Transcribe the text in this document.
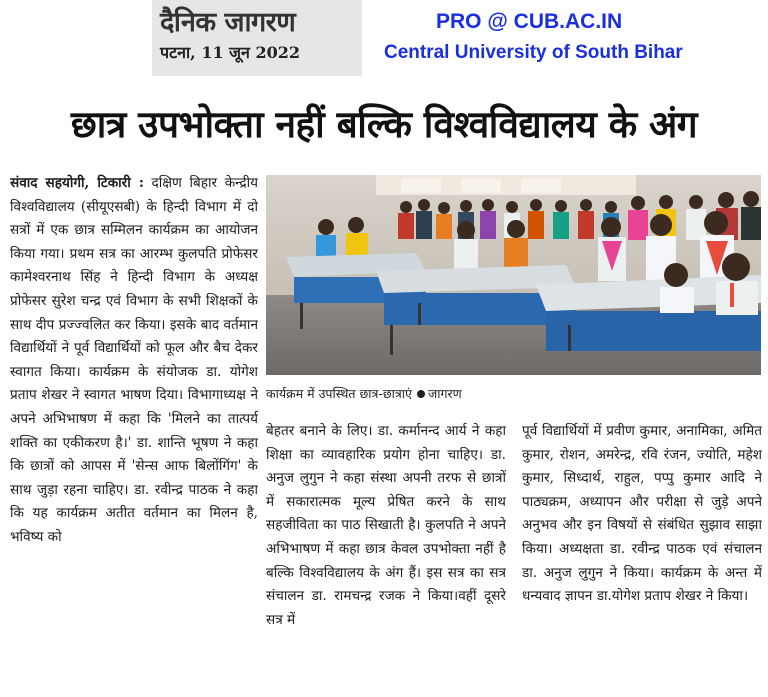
दैनिक जागरण
पटना, 11 जून 2022
PRO @ CUB.AC.IN
Central University of South Bihar
छात्र उपभोक्ता नहीं बल्कि विश्वविद्यालय के अंग
संवाद सहयोगी, टिकारी : दक्षिण बिहार केन्द्रीय विश्वविद्यालय (सीयूएसबी) के हिन्दी विभाग में दो सत्रों में एक छात्र सम्मिलन कार्यक्रम का आयोजन किया गया। प्रथम सत्र का आरम्भ कुलपति प्रोफेसर कामेश्वरनाथ सिंह ने हिन्दी विभाग के अध्यक्ष प्रोफेसर सुरेश चन्द्र एवं विभाग के सभी शिक्षकों के साथ दीप प्रज्ज्वलित कर किया। इसके बाद वर्तमान विद्यार्थियों ने पूर्व विद्यार्थियों को फूल और बैच देकर स्वागत किया। कार्यक्रम के संयोजक डा. योगेश प्रताप शेखर ने स्वागत भाषण दिया। विभागाध्यक्ष ने अपने अभिभाषण में कहा कि 'मिलने का तात्पर्य शक्ति का एकीकरण है।' डा. शान्ति भूषण ने कहा कि छात्रों को आपस में 'सेन्स आफ बिलोंगिंग' के साथ जुड़ा रहना चाहिए। डा. रवीन्द्र पाठक ने कहा कि यह कार्यक्रम अतीत वर्तमान का मिलन है, भविष्य को
कार्यक्रम में उपस्थित छात्र-छात्राएं जागरण
बेहतर बनाने के लिए। डा. कर्मानन्द आर्य ने कहा शिक्षा का व्यावहारिक प्रयोग होना चाहिए। डा. अनुज लुगुन ने कहा संस्था अपनी तरफ से छात्रों में सकारात्मक मूल्य प्रेषित करने के साथ सहजीविता का पाठ सिखाती है। कुलपति ने अपने अभिभाषण में कहा छात्र केवल उपभोक्ता नहीं है बल्कि विश्वविद्यालय के अंग हैं। इस सत्र का सत्र संचालन डा. रामचन्द्र रजक ने किया।वहीं दूसरे सत्र में
पूर्व विद्यार्थियों में प्रवीण कुमार, अनामिका, अमित कुमार, रोशन, अमरेन्द्र, रवि रंजन, ज्योति, महेश कुमार, सिध्दार्थ, राहुल, पप्पु कुमार आदि ने पाठ्यक्रम, अध्यापन और परीक्षा से जुड़े अपने अनुभव और इन विषयों से संबंधित सुझाव साझा किया। अध्यक्षता डा. रवीन्द्र पाठक एवं संचालन डा. अनुज लुगुन ने किया। कार्यक्रम के अन्त में धन्यवाद ज्ञापन डा.योगेश प्रताप शेखर ने किया।
